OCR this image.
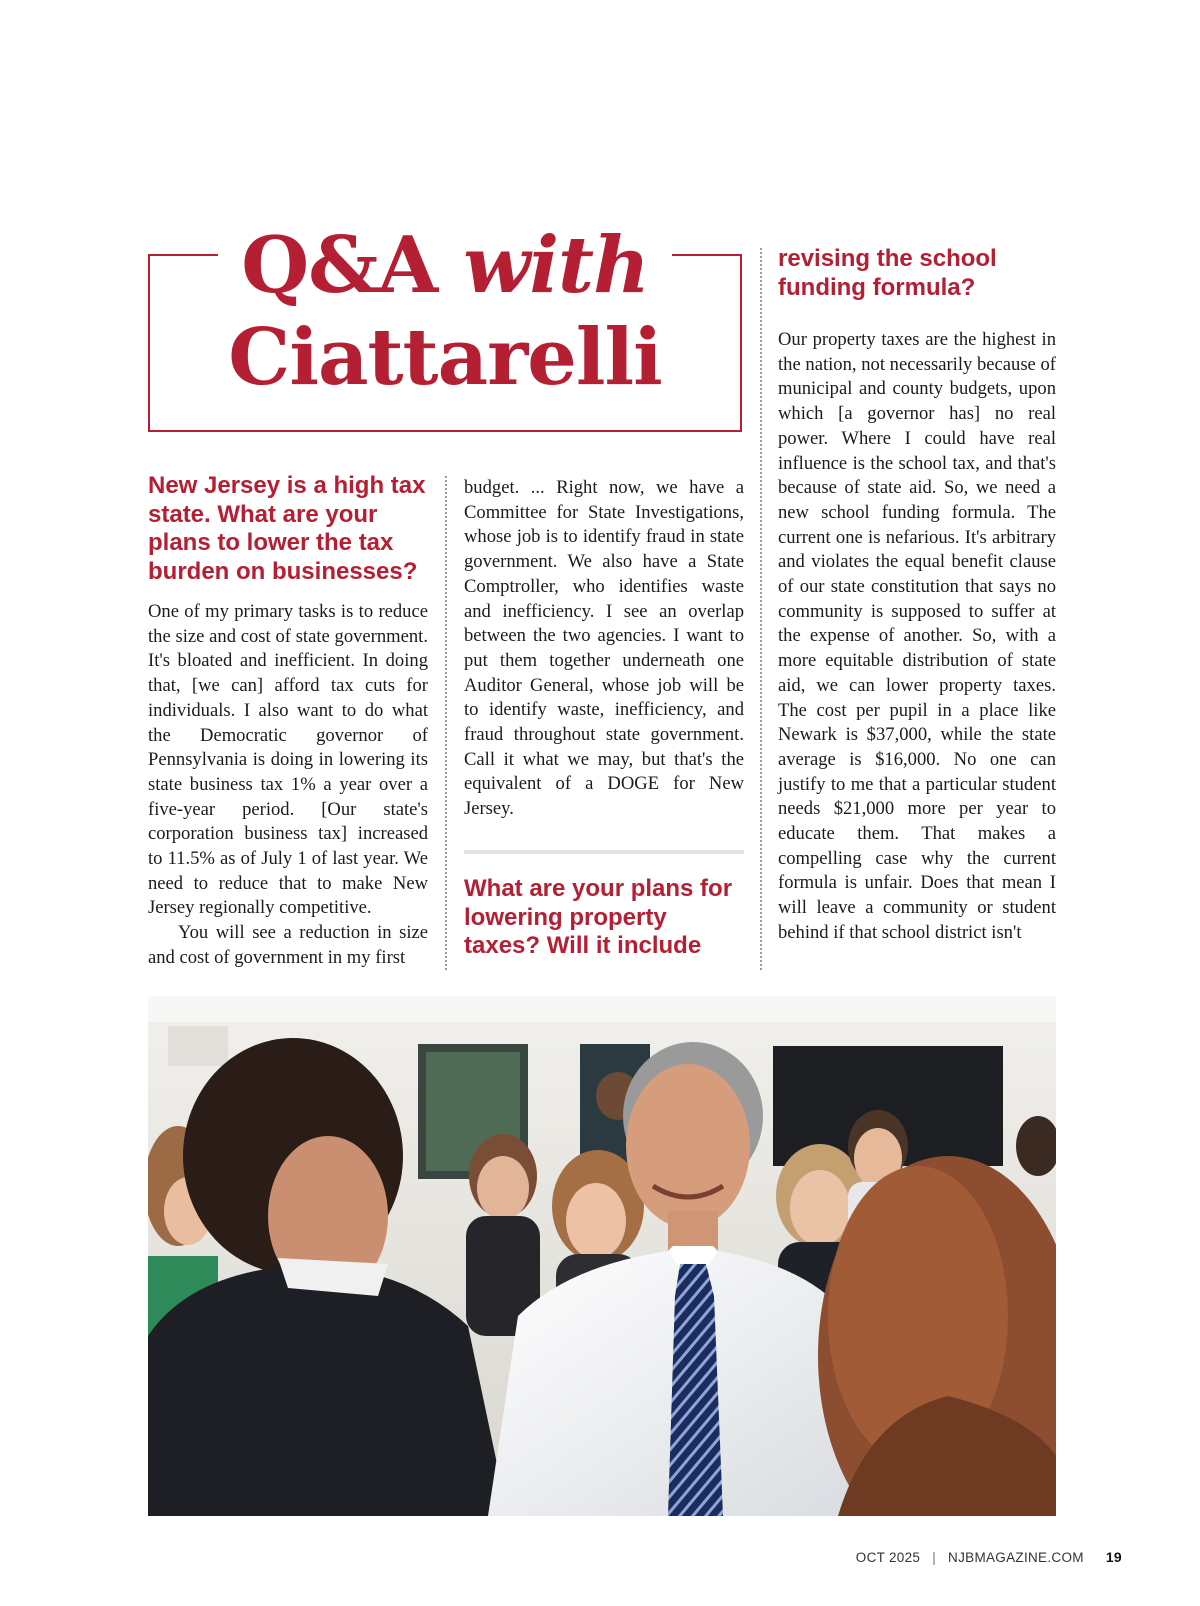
Q&A with
Ciattarelli
New Jersey is a high tax state. What are your plans to lower the tax burden on businesses?

One of my primary tasks is to reduce the size and cost of state government. It's bloated and inefficient. In doing that, [we can] afford tax cuts for individuals. I also want to do what the Democratic governor of Pennsylvania is doing in lowering its state business tax 1% a year over a five-year period. [Our state's corporation business tax] increased to 11.5% as of July 1 of last year. We need to reduce that to make New Jersey regionally competitive.

You will see a reduction in size and cost of government in my first

budget. ... Right now, we have a Committee for State Investigations, whose job is to identify fraud in state government. We also have a State Comptroller, who identifies waste and inefficiency. I see an overlap between the two agencies. I want to put them together underneath one Auditor General, whose job will be to identify waste, inefficiency, and fraud throughout state government. Call it what we may, but that's the equivalent of a DOGE for New Jersey.

What are your plans for lowering property taxes? Will it include
revising the school funding formula?

Our property taxes are the highest in the nation, not necessarily because of municipal and county budgets, upon which [a governor has] no real power. Where I could have real influence is the school tax, and that's because of state aid. So, we need a new school funding formula. The current one is nefarious. It's arbitrary and violates the equal benefit clause of our state constitution that says no community is supposed to suffer at the expense of another. So, with a more equitable distribution of state aid, we can lower property taxes. The cost per pupil in a place like Newark is $37,000, while the state average is $16,000. No one can justify to me that a particular student needs $21,000 more per year to educate them. That makes a compelling case why the current formula is unfair. Does that mean I will leave a community or student behind if that school district isn't

OCT 2025 | NJBMAGAZINE.COM 19
